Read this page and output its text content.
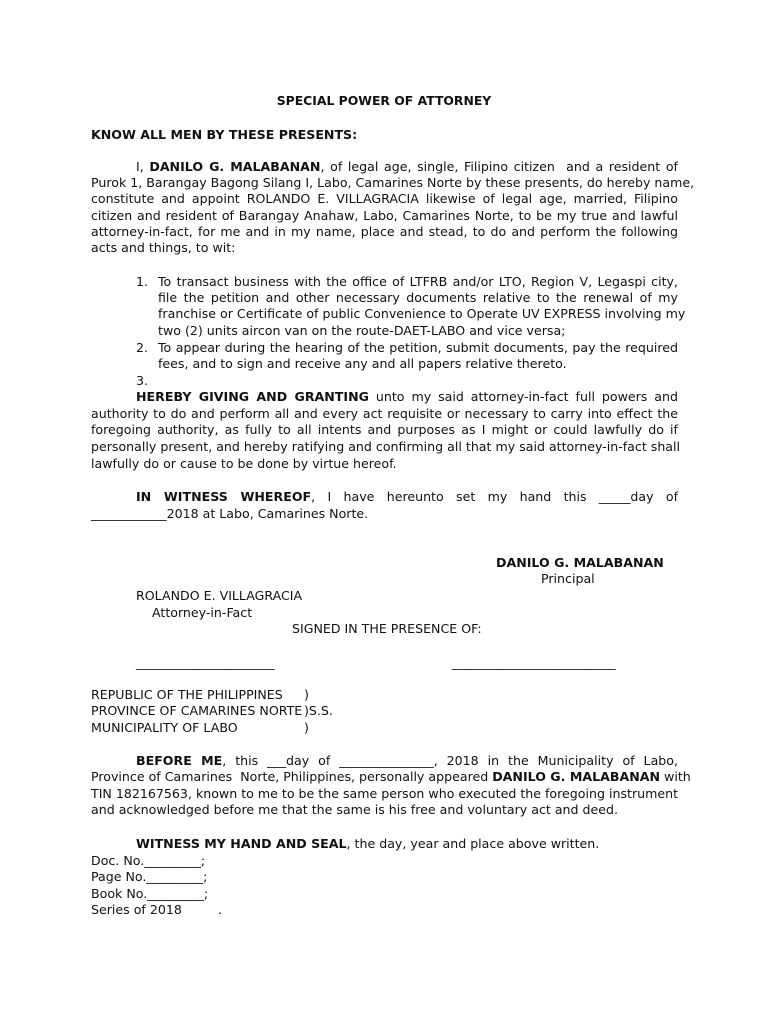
SPECIAL POWER OF ATTORNEY
KNOW ALL MEN BY THESE PRESENTS:
I, DANILO G. MALABANAN, of legal age, single, Filipino citizen  and a resident of
Purok 1, Barangay Bagong Silang I, Labo, Camarines Norte by these presents, do hereby name,
constitute and appoint ROLANDO E. VILLAGRACIA likewise of legal age, married, Filipino
citizen and resident of Barangay Anahaw, Labo, Camarines Norte, to be my true and lawful
attorney-in-fact, for me and in my name, place and stead, to do and perform the following
acts and things, to wit:
1. To transact business with the office of LTFRB and/or LTO, Region V, Legaspi city,
file the petition and other necessary documents relative to the renewal of my
franchise or Certificate of public Convenience to Operate UV EXPRESS involving my
two (2) units aircon van on the route-DAET-LABO and vice versa;
2. To appear during the hearing of the petition, submit documents, pay the required
fees, and to sign and receive any and all papers relative thereto.
3.
HEREBY GIVING AND GRANTING unto my said attorney-in-fact full powers and
authority to do and perform all and every act requisite or necessary to carry into effect the
foregoing authority, as fully to all intents and purposes as I might or could lawfully do if
personally present, and hereby ratifying and confirming all that my said attorney-in-fact shall
lawfully do or cause to be done by virtue hereof.
IN WITNESS WHEREOF, I have hereunto set my hand this _____day of
____________2018 at Labo, Camarines Norte.
DANILO G. MALABANAN
Principal
ROLANDO E. VILLAGRACIA
Attorney-in-Fact
SIGNED IN THE PRESENCE OF:
______________________	__________________________
REPUBLIC OF THE PHILIPPINES )
PROVINCE OF CAMARINES NORTE )S.S.
MUNICIPALITY OF LABO	)
BEFORE ME, this ___day of _______________, 2018 in the Municipality of Labo,
Province of Camarines  Norte, Philippines, personally appeared DANILO G. MALABANAN with
TIN 182167563, known to me to be the same person who executed the foregoing instrument
and acknowledged before me that the same is his free and voluntary act and deed.
WITNESS MY HAND AND SEAL, the day, year and place above written.
Doc. No._________;
Page No._________;
Book No._________;
Series of 2018         .
